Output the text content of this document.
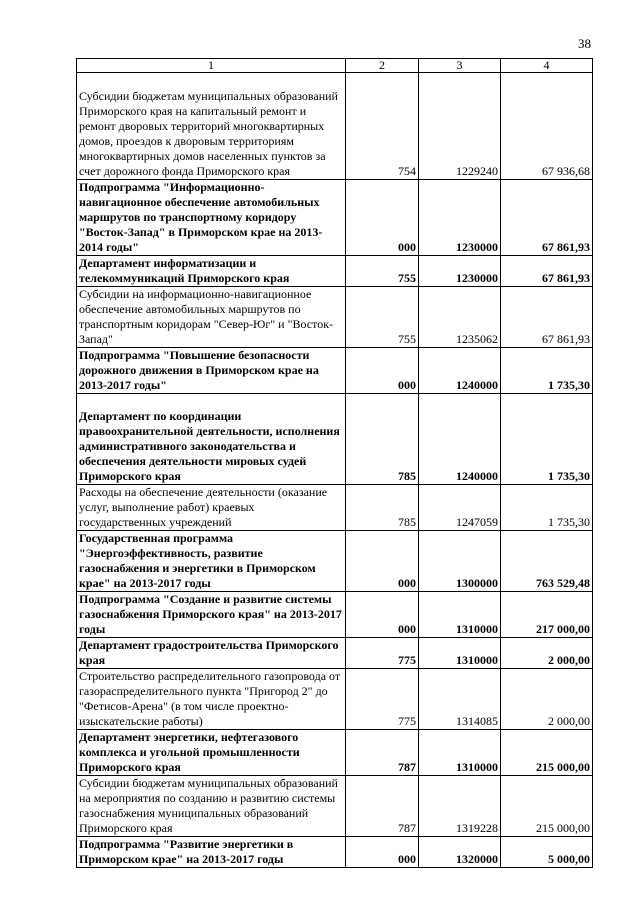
38
1	2	3	4
Субсидии бюджетам муниципальных образований Приморского края на капитальный ремонт и ремонт дворовых территорий многоквартирных домов, проездов к дворовым территориям многоквартирных домов населенных пунктов за счет дорожного фонда Приморского края	754	1229240	67 936,68
Подпрограмма "Информационно-навигационное обеспечение автомобильных маршрутов по транспортному коридору "Восток-Запад" в Приморском крае на 2013-2014 годы"	000	1230000	67 861,93
Департамент информатизации и телекоммуникаций Приморского края	755	1230000	67 861,93
Субсидии на информационно-навигационное обеспечение автомобильных маршрутов по транспортным коридорам "Север-Юг" и "Восток-Запад"	755	1235062	67 861,93
Подпрограмма "Повышение безопасности дорожного движения в Приморском крае на 2013-2017 годы"	000	1240000	1 735,30
Департамент по координации правоохранительной деятельности, исполнения административного законодательства и обеспечения деятельности мировых судей Приморского края	785	1240000	1 735,30
Расходы на обеспечение деятельности (оказание услуг, выполнение работ) краевых государственных учреждений	785	1247059	1 735,30
Государственная программа "Энергоэффективность, развитие газоснабжения и энергетики в Приморском крае" на 2013-2017 годы	000	1300000	763 529,48
Подпрограмма "Создание и развитие системы газоснабжения Приморского края" на 2013-2017 годы	000	1310000	217 000,00
Департамент градостроительства Приморского края	775	1310000	2 000,00
Строительство распределительного газопровода от газораспределительного пункта "Пригород 2" до "Фетисов-Арена" (в том числе проектно-изыскательские работы)	775	1314085	2 000,00
Департамент энергетики, нефтегазового комплекса и угольной промышленности Приморского края	787	1310000	215 000,00
Субсидии бюджетам муниципальных образований на мероприятия по созданию и развитию системы газоснабжения муниципальных образований Приморского края	787	1319228	215 000,00
Подпрограмма "Развитие энергетики в Приморском крае" на 2013-2017 годы	000	1320000	5 000,00
